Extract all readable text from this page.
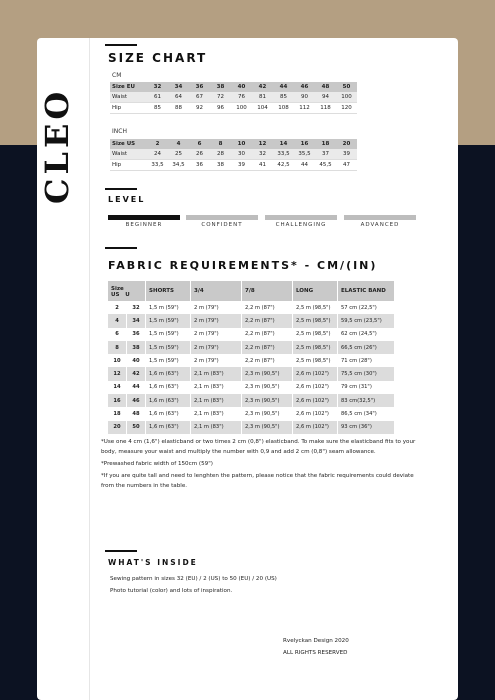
CLEO
SIZE CHART
CM
Size EU	32	34	36	38	40	42	44	46	48	50
Waist	61	64	67	72	76	81	85	90	94	100
Hip	85	88	92	96	100	104	108	112	118	120
INCH
Size US	2	4	6	8	10	12	14	16	18	20
Waist	24	25	26	28	30	32	33,5	35,5	37	39
Hip	33,5	34,5	36	38	39	41	42,5	44	45,5	47
LEVEL
BEGINNER	CONFIDENT	CHALLENGING	ADVANCED
FABRIC REQUIREMENTS* - CM/(IN)
Size
US U		SHORTS	3/4	7/8	LONG	ELASTIC BAND
2	32	1,5 m (59")	2 m (79")	2,2 m (87")	2,5 m (98,5")	57 cm (22,5")
4	34	1,5 m (59")	2 m (79")	2,2 m (87")	2,5 m (98,5")	59,5 cm (23,5")
6	36	1,5 m (59")	2 m (79")	2,2 m (87")	2,5 m (98,5")	62 cm (24,5")
8	38	1,5 m (59")	2 m (79")	2,2 m (87")	2,5 m (98,5")	66,5 cm (26")
10	40	1,5 m (59")	2 m (79")	2,2 m (87")	2,5 m (98,5")	71 cm (28")
12	42	1,6 m (63")	2,1 m (83")	2,3 m (90,5")	2,6 m (102")	75,5 cm (30")
14	44	1,6 m (63")	2,1 m (83")	2,3 m (90,5")	2,6 m (102")	79 cm (31")
16	46	1,6 m (63")	2,1 m (83")	2,3 m (90,5")	2,6 m (102")	83 cm(32,5")
18	48	1,6 m (63")	2,1 m (83")	2,3 m (90,5")	2,6 m (102")	86,5 cm (34")
20	50	1,6 m (63")	2,1 m (83")	2,3 m (90,5")	2,6 m (102")	93 cm (36")

*Use one 4 cm (1,6") elasticband or two times 2 cm (0,8") elasticband. To make sure the elasticband fits to your body, measure your waist and multiply the number with 0,9 and add 2 cm (0,8") seam allowance.

*Prewashed fabric width of 150cm (59")

*If you are quite tall and need to lenghten the pattern, please notice that the fabric requirements could deviate from the numbers in the table.

WHAT'S INSIDE
Sewing pattern in sizes 32 (EU) / 2 (US) to 50 (EU) / 20 (US)
Photo tutorial (color) and lots of inspiration.
Rvelyckan Design 2020
ALL RIGHTS RESERVED
